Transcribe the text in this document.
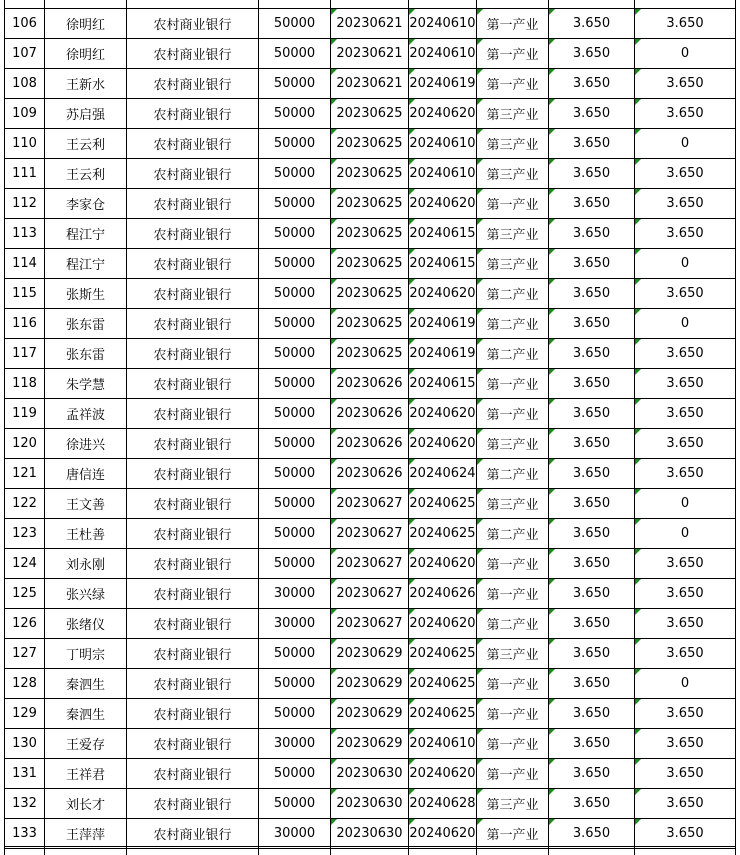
106	徐明红	农村商业银行	50000	20230621	20240610	第一产业	3.650	3.650
107	徐明红	农村商业银行	50000	20230621	20240610	第一产业	3.650	0
108	王新水	农村商业银行	50000	20230621	20240619	第一产业	3.650	3.650
109	苏启强	农村商业银行	50000	20230625	20240620	第三产业	3.650	3.650
110	王云利	农村商业银行	50000	20230625	20240610	第三产业	3.650	0
111	王云利	农村商业银行	50000	20230625	20240610	第三产业	3.650	3.650
112	李家仓	农村商业银行	50000	20230625	20240620	第一产业	3.650	3.650
113	程江宁	农村商业银行	50000	20230625	20240615	第三产业	3.650	3.650
114	程江宁	农村商业银行	50000	20230625	20240615	第三产业	3.650	0
115	张斯生	农村商业银行	50000	20230625	20240620	第二产业	3.650	3.650
116	张东雷	农村商业银行	50000	20230625	20240619	第二产业	3.650	0
117	张东雷	农村商业银行	50000	20230625	20240619	第二产业	3.650	3.650
118	朱学慧	农村商业银行	50000	20230626	20240615	第一产业	3.650	3.650
119	孟祥波	农村商业银行	50000	20230626	20240620	第一产业	3.650	3.650
120	徐进兴	农村商业银行	50000	20230626	20240620	第三产业	3.650	3.650
121	唐信连	农村商业银行	50000	20230626	20240624	第二产业	3.650	3.650
122	王文善	农村商业银行	50000	20230627	20240625	第三产业	3.650	0
123	王杜善	农村商业银行	50000	20230627	20240625	第二产业	3.650	0
124	刘永刚	农村商业银行	50000	20230627	20240620	第一产业	3.650	3.650
125	张兴绿	农村商业银行	30000	20230627	20240626	第一产业	3.650	3.650
126	张绪仪	农村商业银行	30000	20230627	20240620	第二产业	3.650	3.650
127	丁明宗	农村商业银行	50000	20230629	20240625	第三产业	3.650	3.650
128	秦泗生	农村商业银行	50000	20230629	20240625	第一产业	3.650	0
129	秦泗生	农村商业银行	50000	20230629	20240625	第一产业	3.650	3.650
130	王爱存	农村商业银行	30000	20230629	20240610	第一产业	3.650	3.650
131	王祥君	农村商业银行	50000	20230630	20240620	第一产业	3.650	3.650
132	刘长才	农村商业银行	50000	20230630	20240628	第三产业	3.650	3.650
133	王萍萍	农村商业银行	30000	20230630	20240620	第一产业	3.650	3.650
